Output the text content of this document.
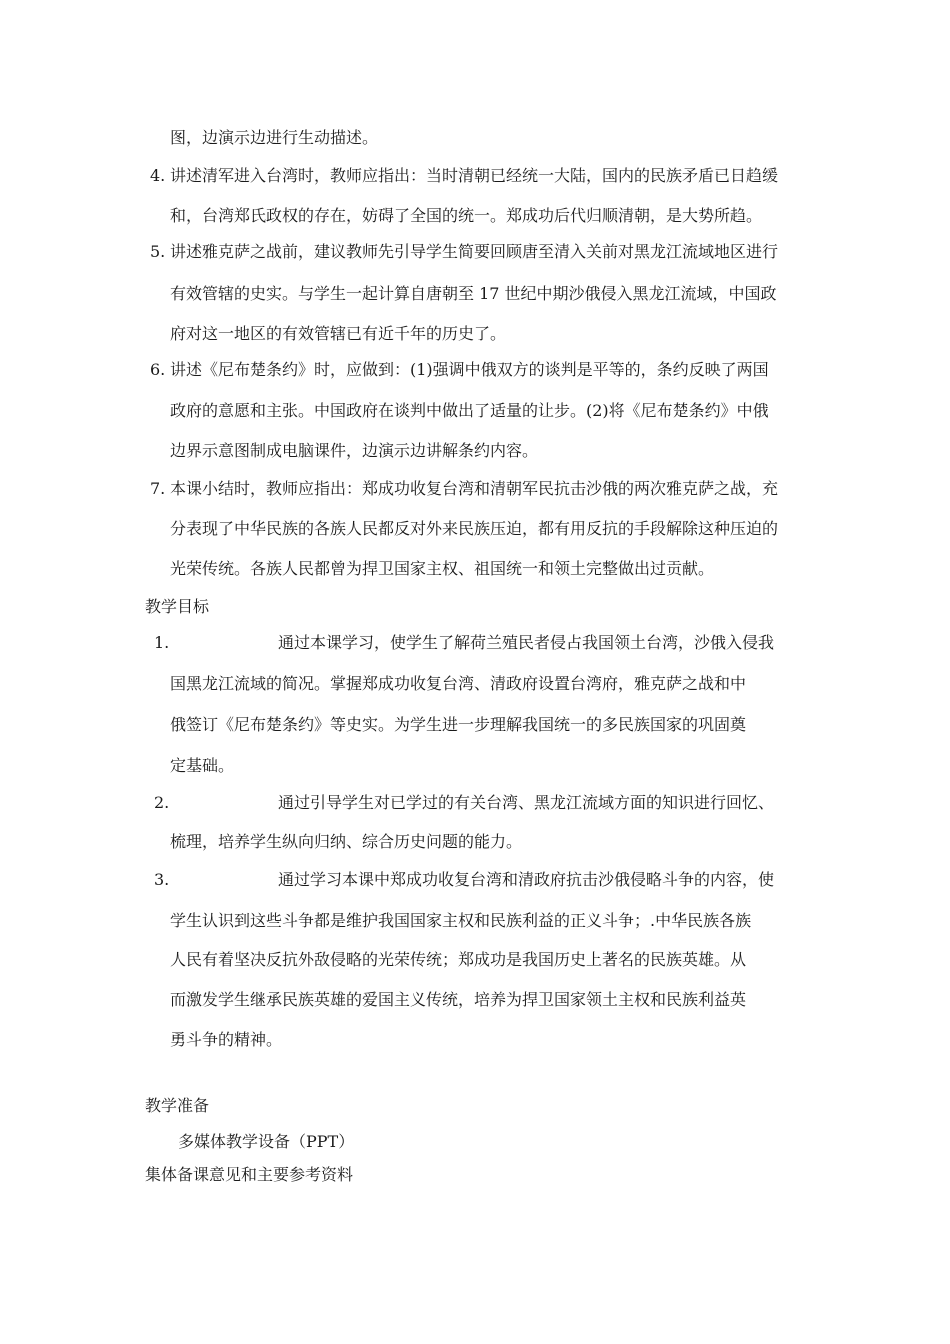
图，边演示边进行生动描述。
4. 讲述清军进入台湾时，教师应指出：当时清朝已经统一大陆，国内的民族矛盾已日趋缓
和，台湾郑氏政权的存在，妨碍了全国的统一。郑成功后代归顺清朝，是大势所趋。
5. 讲述雅克萨之战前，建议教师先引导学生简要回顾唐至清入关前对黑龙江流域地区进行
有效管辖的史实。与学生一起计算自唐朝至 17 世纪中期沙俄侵入黑龙江流域，中国政
府对这一地区的有效管辖已有近千年的历史了。
6. 讲述《尼布楚条约》时，应做到：(1)强调中俄双方的谈判是平等的，条约反映了两国
政府的意愿和主张。中国政府在谈判中做出了适量的让步。(2)将《尼布楚条约》中俄
边界示意图制成电脑课件，边演示边讲解条约内容。
7. 本课小结时，教师应指出：郑成功收复台湾和清朝军民抗击沙俄的两次雅克萨之战，充
分表现了中华民族的各族人民都反对外来民族压迫，都有用反抗的手段解除这种压迫的
光荣传统。各族人民都曾为捍卫国家主权、祖国统一和领土完整做出过贡献。
教学目标
1.	通过本课学习，使学生了解荷兰殖民者侵占我国领土台湾，沙俄入侵我
国黑龙江流域的简况。掌握郑成功收复台湾、清政府设置台湾府，雅克萨之战和中
俄签订《尼布楚条约》等史实。为学生进一步理解我国统一的多民族国家的巩固奠
定基础。
2.	通过引导学生对已学过的有关台湾、黑龙江流域方面的知识进行回忆、
梳理，培养学生纵向归纳、综合历史问题的能力。
3.	通过学习本课中郑成功收复台湾和清政府抗击沙俄侵略斗争的内容，使
学生认识到这些斗争都是维护我国国家主权和民族利益的正义斗争；.中华民族各族
人民有着坚决反抗外敌侵略的光荣传统；郑成功是我国历史上著名的民族英雄。从
而激发学生继承民族英雄的爱国主义传统，培养为捍卫国家领土主权和民族利益英
勇斗争的精神。
教学准备
多媒体教学设备（PPT）
集体备课意见和主要参考资料
